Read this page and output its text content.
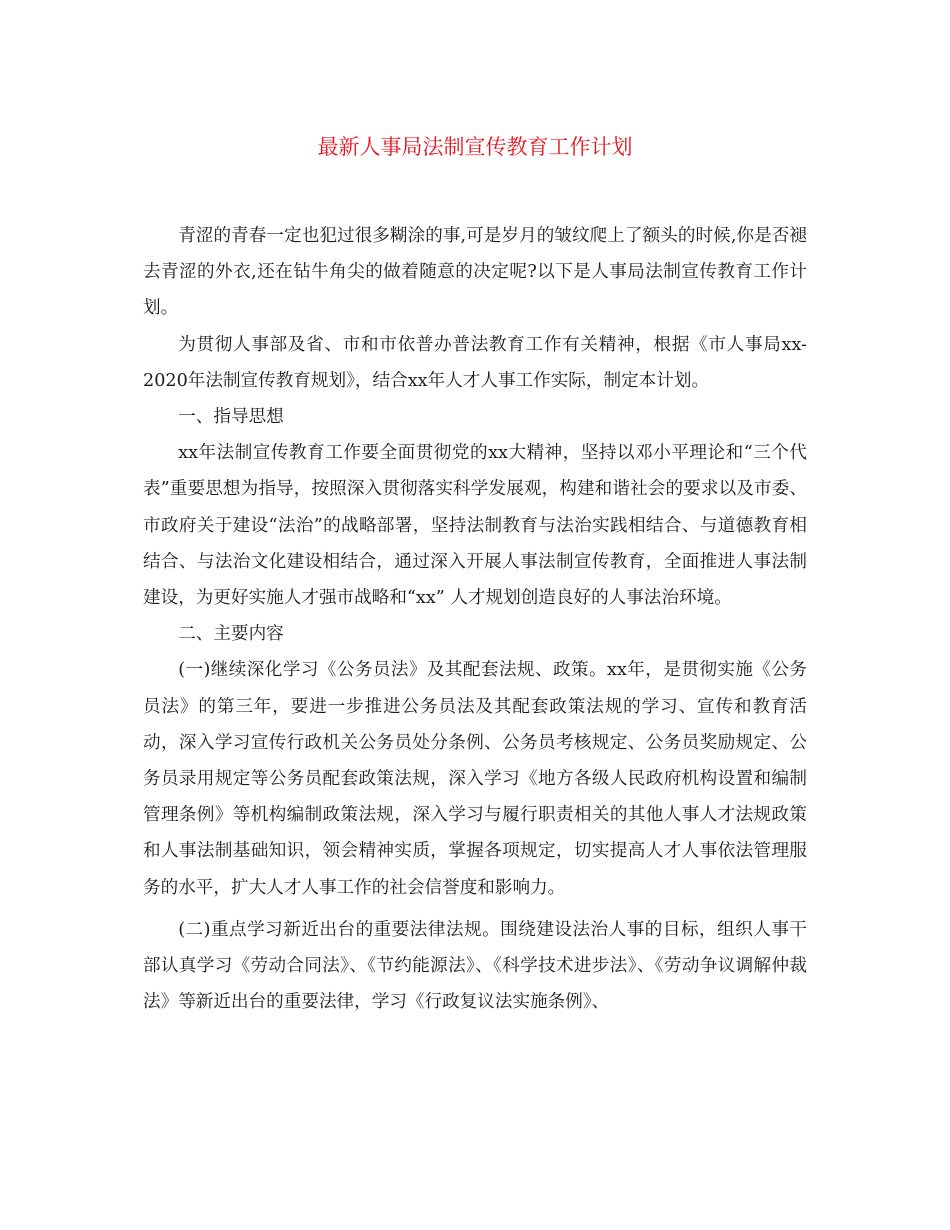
最新人事局法制宣传教育工作计划

青涩的青春一定也犯过很多糊涂的事,可是岁月的皱纹爬上了额头的时候,你是否褪去青涩的外衣,还在钻牛角尖的做着随意的决定呢?以下是人事局法制宣传教育工作计划。

为贯彻人事部及省、市和市依普办普法教育工作有关精神，根据《市人事局xx-2020年法制宣传教育规划》，结合xx年人才人事工作实际，制定本计划。

一、指导思想

xx年法制宣传教育工作要全面贯彻党的xx大精神，坚持以邓小平理论和“三个代表”重要思想为指导，按照深入贯彻落实科学发展观，构建和谐社会的要求以及市委、市政府关于建设“法治”的战略部署，坚持法制教育与法治实践相结合、与道德教育相结合、与法治文化建设相结合，通过深入开展人事法制宣传教育，全面推进人事法制建设，为更好实施人才强市战略和“xx” 人才规划创造良好的人事法治环境。

二、主要内容

(一)继续深化学习《公务员法》及其配套法规、政策。xx年，是贯彻实施《公务员法》的第三年，要进一步推进公务员法及其配套政策法规的学习、宣传和教育活动，深入学习宣传行政机关公务员处分条例、公务员考核规定、公务员奖励规定、公务员录用规定等公务员配套政策法规，深入学习《地方各级人民政府机构设置和编制管理条例》等机构编制政策法规，深入学习与履行职责相关的其他人事人才法规政策和人事法制基础知识，领会精神实质，掌握各项规定，切实提高人才人事依法管理服务的水平，扩大人才人事工作的社会信誉度和影响力。

(二)重点学习新近出台的重要法律法规。围绕建设法治人事的目标，组织人事干部认真学习《劳动合同法》、《节约能源法》、《科学技术进步法》、《劳动争议调解仲裁法》等新近出台的重要法律，学习《行政复议法实施条例》、
